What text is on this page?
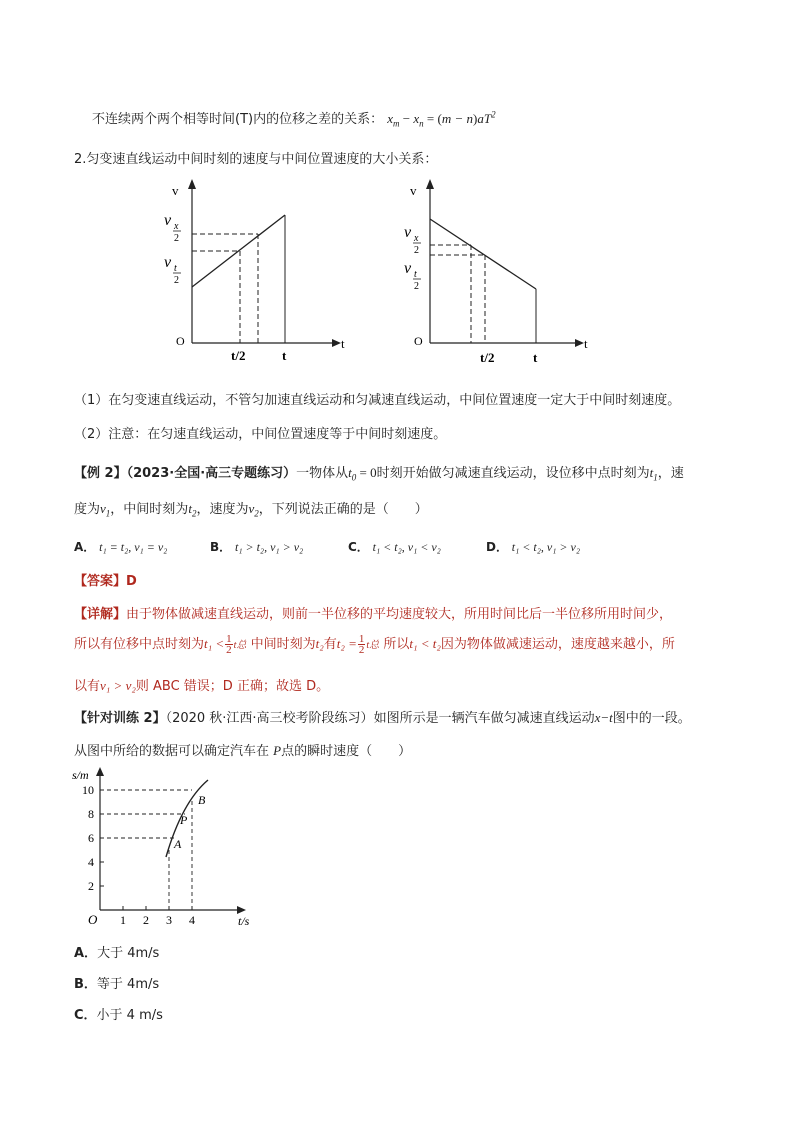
不连续两个两个相等时间(T)内的位移之差的关系： $x_m - x_n = (m - n)aT^2$
2.匀变速直线运动中间时刻的速度与中间位置速度的大小关系：
v
t
O
v x
2
v t
2
t/2	t
v
t
O
v x
2
v t
2
t/2	t
（1）在匀变速直线运动，不管匀加速直线运动和匀减速直线运动，中间位置速度一定大于中间时刻速度。
（2）注意：在匀速直线运动，中间位置速度等于中间时刻速度。
【例 2】（2023·全国·高三专题练习）一物体从$t_0 = 0$时刻开始做匀减速直线运动，设位移中点时刻为$t_1$，速
度为$v_1$，中间时刻为$t_2$，速度为$v_2$，下列说法正确的是（　　）
A． t₁ = t₂, v₁ = v₂	B． t₁ > t₂, v₁ > v₂	C． t₁ < t₂, v₁ < v₂	D． t₁ < t₂, v₁ > v₂
【答案】D
【详解】由于物体做减速直线运动，则前一半位移的平均速度较大，所用时间比后一半位移所用时间少，
所以有位移中点时刻为$t_1 < \frac{1}{2}$ t总 中间时刻为t₂有$t_2 = \frac{1}{2}$ t总 所以t₁ < t₂因为物体做减速运动，速度越来越小，所
以有v₁ > v₂则 ABC 错误；D 正确；故选 D。
【针对训练 2】（2020 秋·江西·高三校考阶段练习）如图所示是一辆汽车做匀减速直线运动x−t图中的一段。
从图中所给的数据可以确定汽车在 P点的瞬时速度（　　）
s/m
t/s
O
2
4
6
8
10
1 2 3 4
A
P
B
A．大于 4m/s
B．等于 4m/s
C．小于 4 m/s
